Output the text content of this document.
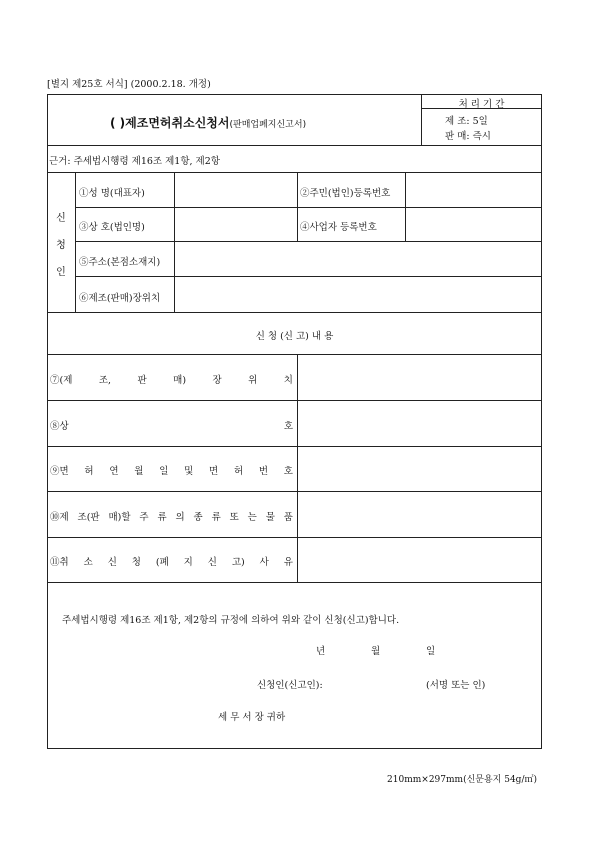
[별지 제25호 서식] (2000.2.18. 개정)
( )제조면허취소신청서(판매업폐지신고서)
처 리 기 간
제 조: 5일
판 매: 즉시
근거: 주세법시행령 제16조 제1항, 제2항
신
청
인
①성 명(대표자)	②주민(법인)등록번호
③상 호(법인명)	④사업자 등록번호
⑤주소(본점소재지)
⑥제조(판매)장위치
신 청 (신 고) 내 용
⑦(제	조,	판	매)	장	위	치
⑧상	호
⑨면 허 연 월 일 및 면 허 번 호
⑩제 조(판 매)할 주 류 의 종 류 또 는 물 품
⑪취 소 신 청 (폐 지 신 고) 사 유
주세법시행령 제16조 제1항, 제2항의 규정에 의하여 위와 같이 신청(신고)합니다.
년	월	일
신청인(신고인):	(서명 또는 인)
세 무 서 장 귀하
210mm×297mm(신문용지 54g/㎡)
